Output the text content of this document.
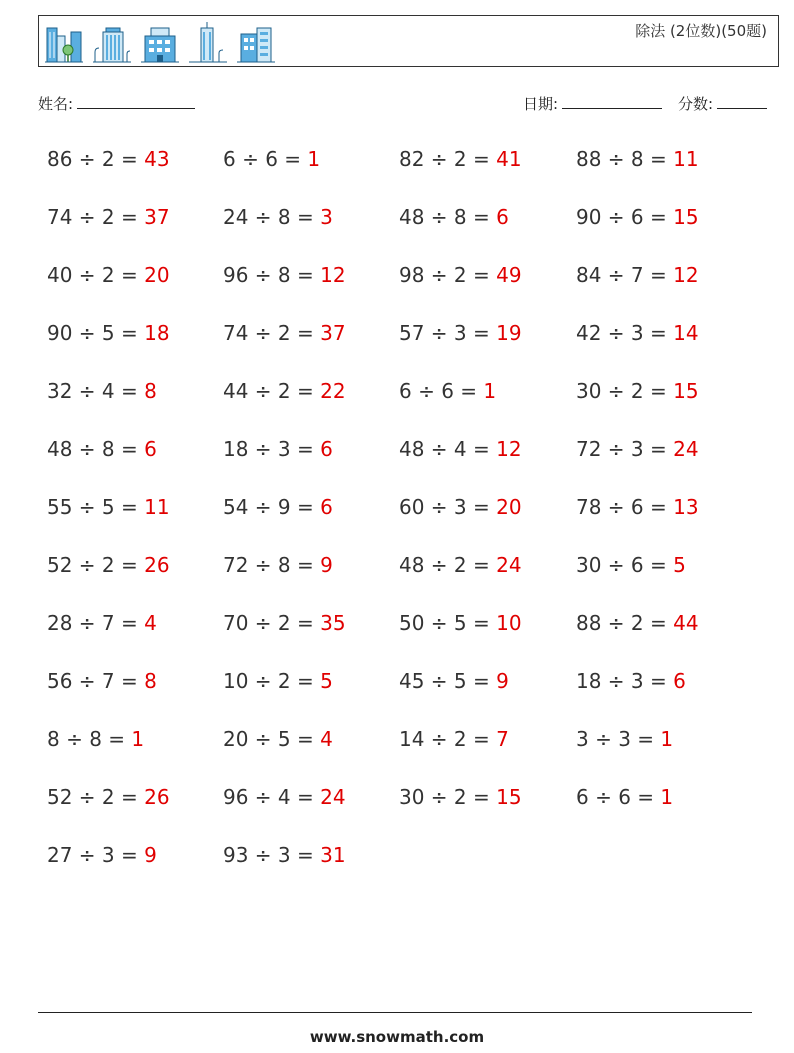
除法 (2位数)(50题)
姓名:	日期:	分数:
86 ÷ 2 = 43	6 ÷ 6 = 1	82 ÷ 2 = 41	88 ÷ 8 = 11
74 ÷ 2 = 37	24 ÷ 8 = 3	48 ÷ 8 = 6	90 ÷ 6 = 15
40 ÷ 2 = 20	96 ÷ 8 = 12	98 ÷ 2 = 49	84 ÷ 7 = 12
90 ÷ 5 = 18	74 ÷ 2 = 37	57 ÷ 3 = 19	42 ÷ 3 = 14
32 ÷ 4 = 8	44 ÷ 2 = 22	6 ÷ 6 = 1	30 ÷ 2 = 15
48 ÷ 8 = 6	18 ÷ 3 = 6	48 ÷ 4 = 12	72 ÷ 3 = 24
55 ÷ 5 = 11	54 ÷ 9 = 6	60 ÷ 3 = 20	78 ÷ 6 = 13
52 ÷ 2 = 26	72 ÷ 8 = 9	48 ÷ 2 = 24	30 ÷ 6 = 5
28 ÷ 7 = 4	70 ÷ 2 = 35	50 ÷ 5 = 10	88 ÷ 2 = 44
56 ÷ 7 = 8	10 ÷ 2 = 5	45 ÷ 5 = 9	18 ÷ 3 = 6
8 ÷ 8 = 1	20 ÷ 5 = 4	14 ÷ 2 = 7	3 ÷ 3 = 1
52 ÷ 2 = 26	96 ÷ 4 = 24	30 ÷ 2 = 15	6 ÷ 6 = 1
27 ÷ 3 = 9	93 ÷ 3 = 31
www.snowmath.com
